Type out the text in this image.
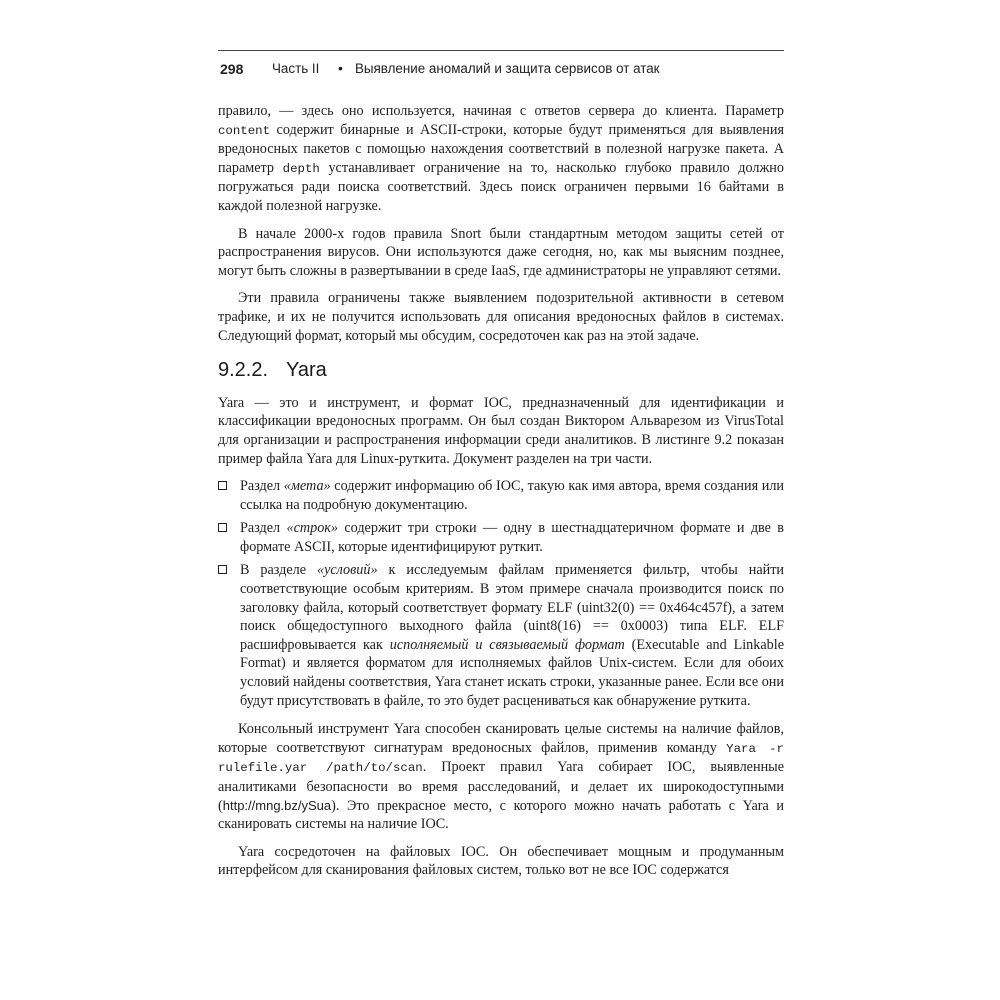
298 Часть II • Выявление аномалий и защита сервисов от атак

правило, — здесь оно используется, начиная с ответов сервера до клиента. Параметр content содержит бинарные и ASCII-строки, которые будут применяться для выявления вредоносных пакетов с помощью нахождения соответствий в полезной нагрузке пакета. А параметр depth устанавливает ограничение на то, насколько глубоко правило должно погружаться ради поиска соответствий. Здесь поиск ограничен первыми 16 байтами в каждой полезной нагрузке.

В начале 2000-х годов правила Snort были стандартным методом защиты сетей от распространения вирусов. Они используются даже сегодня, но, как мы выясним позднее, могут быть сложны в развертывании в среде IaaS, где администраторы не управляют сетями.

Эти правила ограничены также выявлением подозрительной активности в сетевом трафике, и их не получится использовать для описания вредоносных файлов в системах. Следующий формат, который мы обсудим, сосредоточен как раз на этой задаче.

9.2.2. Yara

Yara — это и инструмент, и формат IOC, предназначенный для идентификации и классификации вредоносных программ. Он был создан Виктором Альварезом из VirusTotal для организации и распространения информации среди аналитиков. В листинге 9.2 показан пример файла Yara для Linux-руткита. Документ разделен на три части.

Раздел «мета» содержит информацию об IOC, такую как имя автора, время создания или ссылка на подробную документацию.
Раздел «строк» содержит три строки — одну в шестнадцатеричном формате и две в формате ASCII, которые идентифицируют руткит.
В разделе «условий» к исследуемым файлам применяется фильтр, чтобы найти соответствующие особым критериям. В этом примере сначала производится поиск по заголовку файла, который соответствует формату ELF (uint32(0) == 0x464c457f), а затем поиск общедоступного выходного файла (uint8(16) == 0x0003) типа ELF. ELF расшифровывается как исполняемый и связываемый формат (Executable and Linkable Format) и является форматом для исполняемых файлов Unix-систем. Если для обоих условий найдены соответствия, Yara станет искать строки, указанные ранее. Если все они будут присутствовать в файле, то это будет расцениваться как обнаружение руткита.

Консольный инструмент Yara способен сканировать целые системы на наличие файлов, которые соответствуют сигнатурам вредоносных файлов, применив команду Yara -r rulefile.yar /path/to/scan. Проект правил Yara собирает IOC, выявленные аналитиками безопасности во время расследований, и делает их широкодоступными (http://mng.bz/ySua). Это прекрасное место, с которого можно начать работать с Yara и сканировать системы на наличие IOC.

Yara сосредоточен на файловых IOC. Он обеспечивает мощным и продуманным интерфейсом для сканирования файловых систем, только вот не все IOC содержатся
